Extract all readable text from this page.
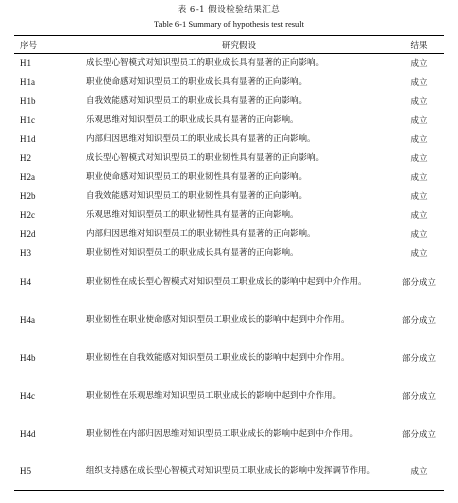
表 6-1 假设检验结果汇总
Table 6-1 Summary of hypothesis test result
序号	研究假设	结果
H1	成长型心智模式对知识型员工的职业成长具有显著的正向影响。	成立
H1a	职业使命感对知识型员工的职业成长具有显著的正向影响。	成立
H1b	自我效能感对知识型员工的职业成长具有显著的正向影响。	成立
H1c	乐观思维对知识型员工的职业成长具有显著的正向影响。	成立
H1d	内部归因思维对知识型员工的职业成长具有显著的正向影响。	成立
H2	成长型心智模式对知识型员工的职业韧性具有显著的正向影响。	成立
H2a	职业使命感对知识型员工的职业韧性具有显著的正向影响。	成立
H2b	自我效能感对知识型员工的职业韧性具有显著的正向影响。	成立
H2c	乐观思维对知识型员工的职业韧性具有显著的正向影响。	成立
H2d	内部归因思维对知识型员工的职业韧性具有显著的正向影响。	成立
H3	职业韧性对知识型员工的职业成长具有显著的正向影响。	成立
H4	职业韧性在成长型心智模式对知识型员工职业成长的影响中起到中介作用。	部分成立
H4a	职业韧性在职业使命感对知识型员工职业成长的影响中起到中介作用。	部分成立
H4b	职业韧性在自我效能感对知识型员工职业成长的影响中起到中介作用。	部分成立
H4c	职业韧性在乐观思维对知识型员工职业成长的影响中起到中介作用。	部分成立
H4d	职业韧性在内部归因思维对知识型员工职业成长的影响中起到中介作用。	部分成立
H5	组织支持感在成长型心智模式对知识型员工职业成长的影响中发挥调节作用。	成立
